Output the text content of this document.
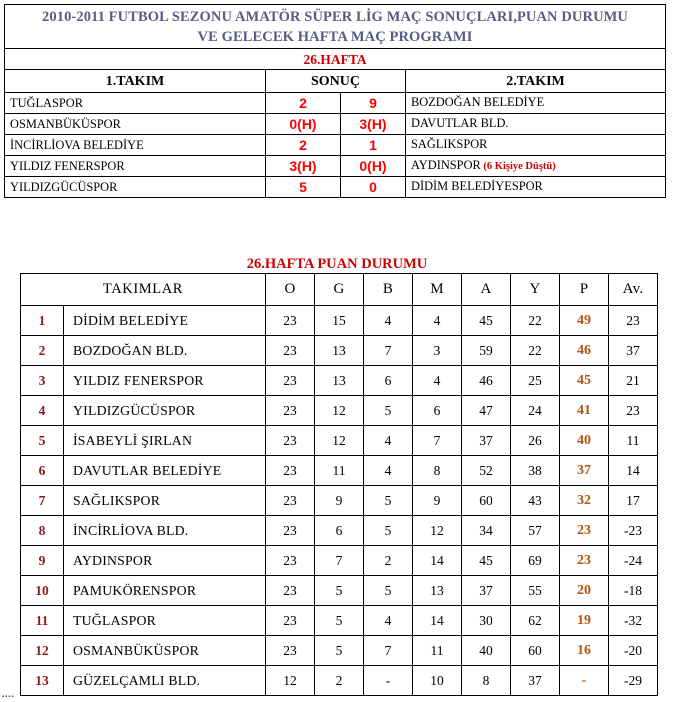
2010-2011 FUTBOL SEZONU AMATÖR SÜPER LİG MAÇ SONUÇLARI,PUAN DURUMU
VE GELECEK HAFTA MAÇ PROGRAMI			

26.HAFTA			
1.TAKIM	SONUÇ		2.TAKIM
TUĞLASPOR	2	9	BOZDOĞAN BELEDİYE
OSMANBÜKÜSPOR	0(H)	3(H)	DAVUTLAR BLD.
İNCİRLİOVA BELEDİYE	2	1	SAĞLIKSPOR
YILDIZ FENERSPOR	3(H)	0(H)	AYDINSPOR (6 Kişiye Düştü)
YILDIZGÜCÜSPOR	5	0	DİDİM BELEDİYESPOR
26.HAFTA PUAN DURUMU
TAKIMLAR		O	G	B	M	A	Y	P	Av.
1	DİDİM BELEDİYE	23	15	4	4	45	22	49	23
2	BOZDOĞAN BLD.	23	13	7	3	59	22	46	37
3	YILDIZ FENERSPOR	23	13	6	4	46	25	45	21
4	YILDIZGÜCÜSPOR	23	12	5	6	47	24	41	23
5	İSABEYLİ ŞIRLAN	23	12	4	7	37	26	40	11
6	DAVUTLAR BELEDİYE	23	11	4	8	52	38	37	14
7	SAĞLIKSPOR	23	9	5	9	60	43	32	17
8	İNCİRLİOVA BLD.	23	6	5	12	34	57	23	-23
9	AYDINSPOR	23	7	2	14	45	69	23	-24
10	PAMUKÖRENSPOR	23	5	5	13	37	55	20	-18
11	TUĞLASPOR	23	5	4	14	30	62	19	-32
12	OSMANBÜKÜSPOR	23	5	7	11	40	60	16	-20
13	GÜZELÇAMLI BLD.	12	2	-	10	8	37	-	-29
▪▪▪▪
